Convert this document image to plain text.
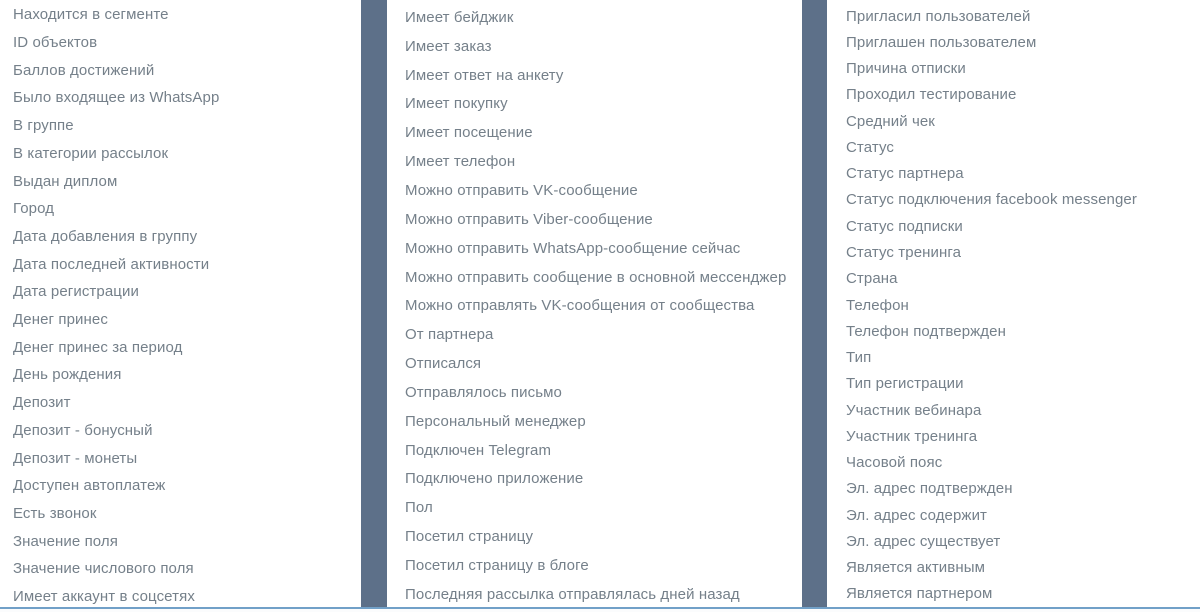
Находится в сегменте
ID объектов
Баллов достижений
Было входящее из WhatsApp
В группе
В категории рассылок
Выдан диплом
Город
Дата добавления в группу
Дата последней активности
Дата регистрации
Денег принес
Денег принес за период
День рождения
Депозит
Депозит - бонусный
Депозит - монеты
Доступен автоплатеж
Есть звонок
Значение поля
Значение числового поля
Имеет аккаунт в соцсетях
Имеет бейджик
Имеет заказ
Имеет ответ на анкету
Имеет покупку
Имеет посещение
Имеет телефон
Можно отправить VK-сообщение
Можно отправить Viber-сообщение
Можно отправить WhatsApp-сообщение сейчас
Можно отправить сообщение в основной мессенджер
Можно отправлять VK-сообщения от сообщества
От партнера
Отписался
Отправлялось письмо
Персональный менеджер
Подключен Telegram
Подключено приложение
Пол
Посетил страницу
Посетил страницу в блоге
Последняя рассылка отправлялась дней назад
Пригласил пользователей
Приглашен пользователем
Причина отписки
Проходил тестирование
Средний чек
Статус
Статус партнера
Статус подключения facebook messenger
Статус подписки
Статус тренинга
Страна
Телефон
Телефон подтвержден
Тип
Тип регистрации
Участник вебинара
Участник тренинга
Часовой пояс
Эл. адрес подтвержден
Эл. адрес содержит
Эл. адрес существует
Является активным
Является партнером
